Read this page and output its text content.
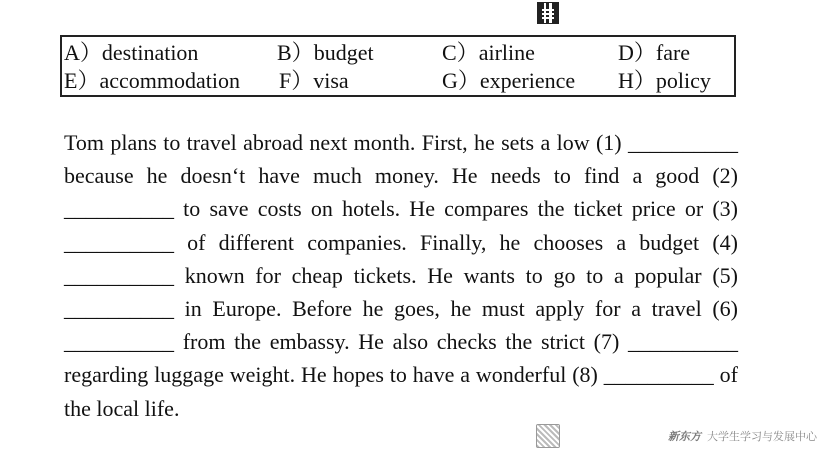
A）destination	B）budget	C）airline	D）fare
E）accommodation F）visa	G）experience H）policy

Tom plans to travel abroad next month. First, he sets a low (1) __________ because he doesn‘t have much money. He needs to find a good (2) __________ to save costs on hotels. He compares the ticket price or (3) __________ of different companies. Finally, he chooses a budget (4) __________ known for cheap tickets. He wants to go to a popular (5) __________ in Europe. Before he goes, he must apply for a travel (6) __________ from the embassy. He also checks the strict (7) __________ regarding luggage weight. He hopes to have a wonderful (8) __________ of the local life.

新东方 大学生学习与发展中心
